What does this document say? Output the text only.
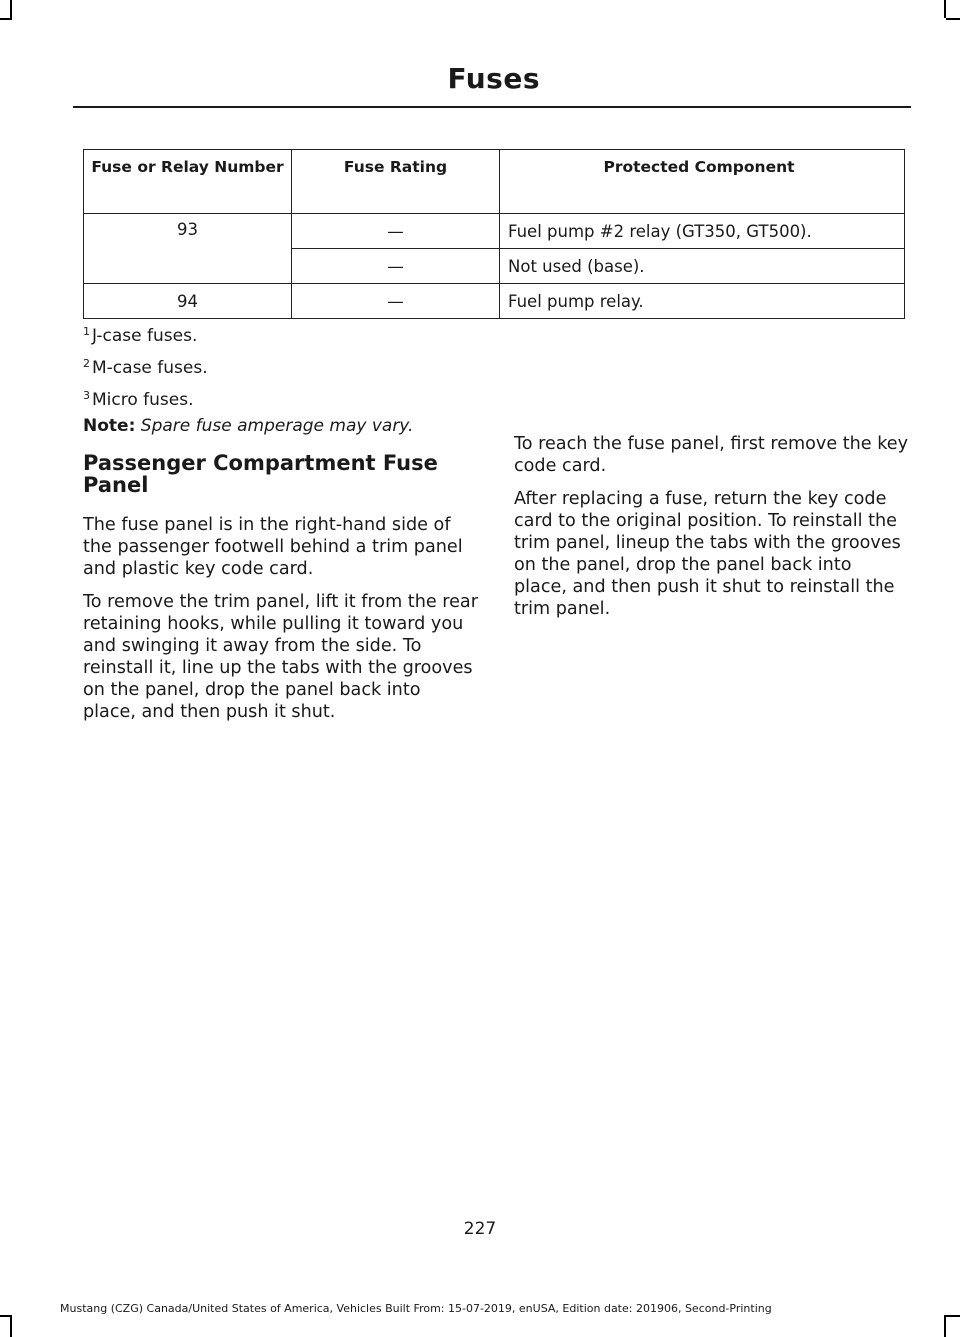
Fuses
Fuse or Relay Number	Fuse Rating	Protected Component
93	—	Fuel pump #2 relay (GT350, GT500).
	—	Not used (base).
94	—	Fuel pump relay.
$^1$ J-case fuses.
$^2$ M-case fuses.
$^3$ Micro fuses.
Note: Spare fuse amperage may vary.
Passenger Compartment Fuse Panel

The fuse panel is in the right-hand side of the passenger footwell behind a trim panel and plastic key code card.

To remove the trim panel, lift it from the rear retaining hooks, while pulling it toward you and swinging it away from the side. To reinstall it, line up the tabs with the grooves on the panel, drop the panel back into place, and then push it shut.

To reach the fuse panel, first remove the key code card.

After replacing a fuse, return the key code card to the original position. To reinstall the trim panel, lineup the tabs with the grooves on the panel, drop the panel back into place, and then push it shut to reinstall the trim panel.

227
Mustang (CZG) Canada/United States of America, Vehicles Built From: 15-07-2019, enUSA, Edition date: 201906, Second-Printing
